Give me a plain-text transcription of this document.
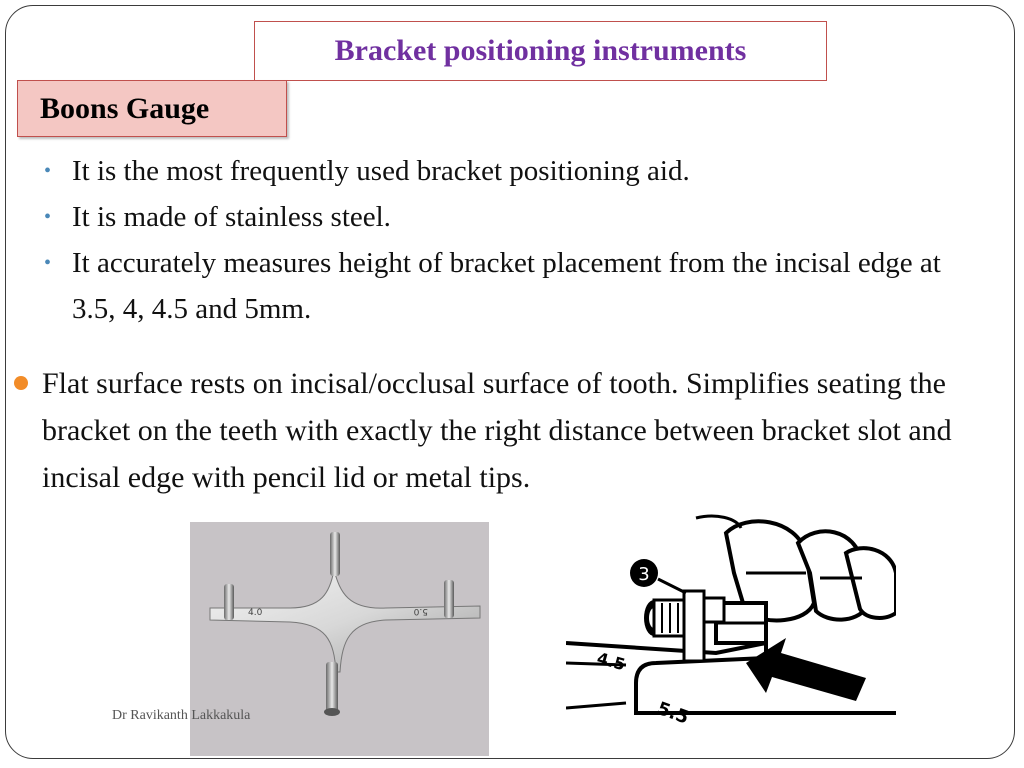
Bracket positioning instruments
Boons Gauge
• It is the most frequently used bracket positioning aid.
• It is made of stainless steel.
• It accurately measures height of bracket placement from the incisal edge at 3.5, 4, 4.5 and 5mm.
Flat surface rests on incisal/occlusal surface of tooth. Simplifies seating the bracket on the teeth with exactly the right distance between bracket slot and incisal edge with pencil lid or metal tips.
4.0	5.0
3
4.5
5.5
Dr Ravikanth Lakkakula
